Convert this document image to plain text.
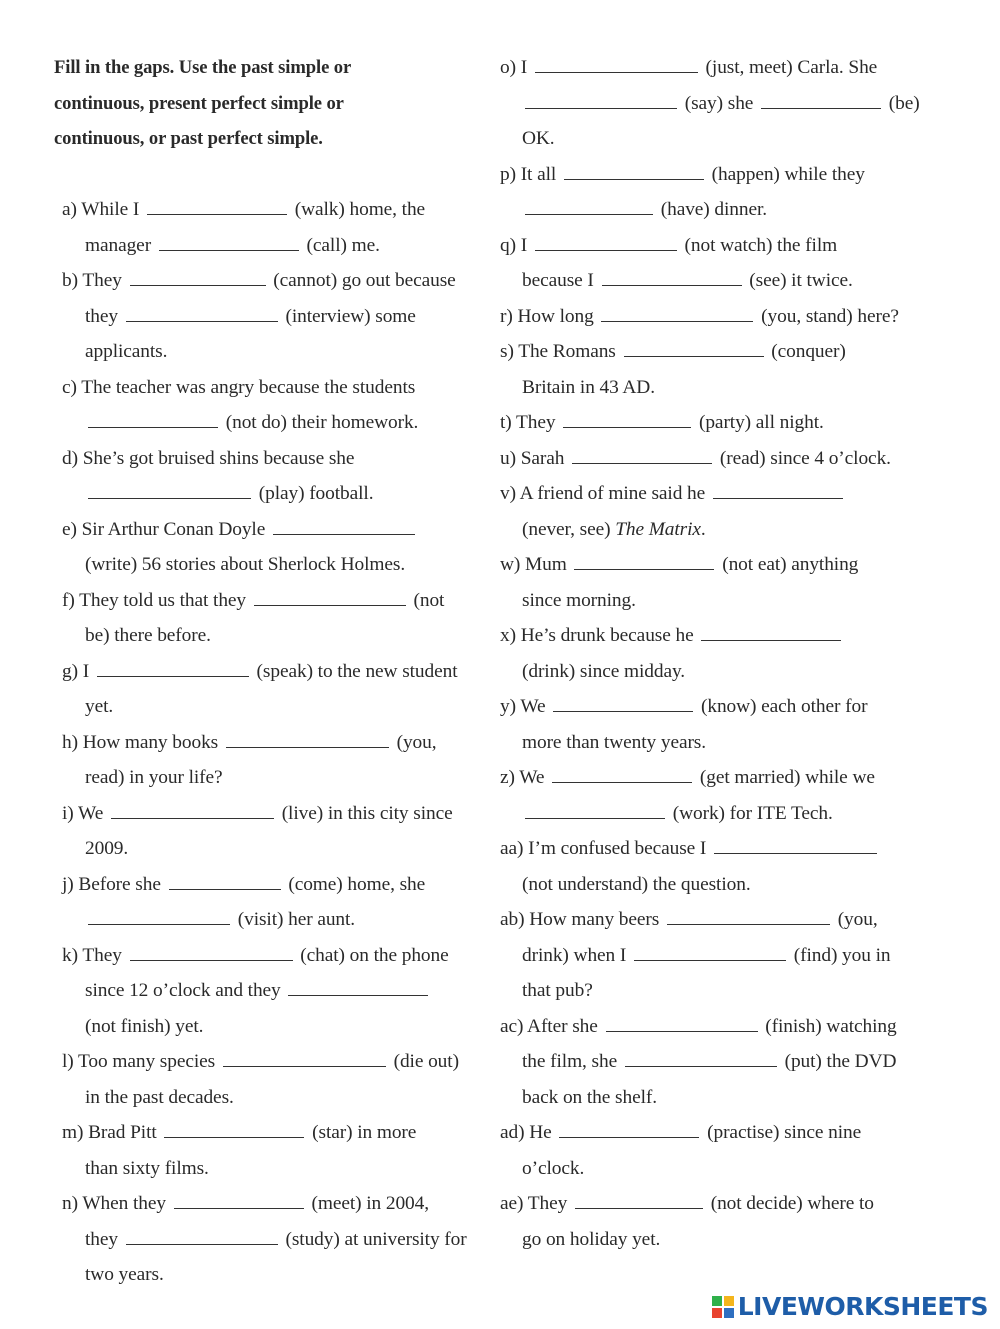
Fill in the gaps. Use the past simple or
continuous, present perfect simple or
continuous, or past perfect simple.
a) While I	(walk) home, the
manager	(call) me.
b) They	(cannot) go out because
they	(interview) some
applicants.
c) The teacher was angry because the students
(not do) their homework.
d) She’s got bruised shins because she
(play) football.
e) Sir Arthur Conan Doyle
(write) 56 stories about Sherlock Holmes.
f) They told us that they	(not
be) there before.
g) I	(speak) to the new student
yet.
h) How many books	(you,
read) in your life?
i) We	(live) in this city since
2009.
j) Before she	(come) home, she
(visit) her aunt.
k) They	(chat) on the phone
since 12 o’clock and they
(not finish) yet.
l) Too many species	(die out)
in the past decades.
m) Brad Pitt	(star) in more
than sixty films.
n) When they	(meet) in 2004,
they	(study) at university for
two years.
o) I	(just, meet) Carla. She
(say) she	(be)
OK.
p) It all	(happen) while they
(have) dinner.
q) I	(not watch) the film
because I	(see) it twice.
r) How long	(you, stand) here?
s) The Romans	(conquer)
Britain in 43 AD.
t) They	(party) all night.
u) Sarah	(read) since 4 o’clock.
v) A friend of mine said he
(never, see) The Matrix.
w) Mum	(not eat) anything
since morning.
x) He’s drunk because he
(drink) since midday.
y) We	(know) each other for
more than twenty years.
z) We	(get married) while we
(work) for ITE Tech.
aa) I’m confused because I
(not understand) the question.
ab) How many beers	(you,
drink) when I	(find) you in
that pub?
ac) After she	(finish) watching
the film, she	(put) the DVD
back on the shelf.
ad) He	(practise) since nine
o’clock.
ae) They	(not decide) where to
go on holiday yet.
LIVEWORKSHEETS
